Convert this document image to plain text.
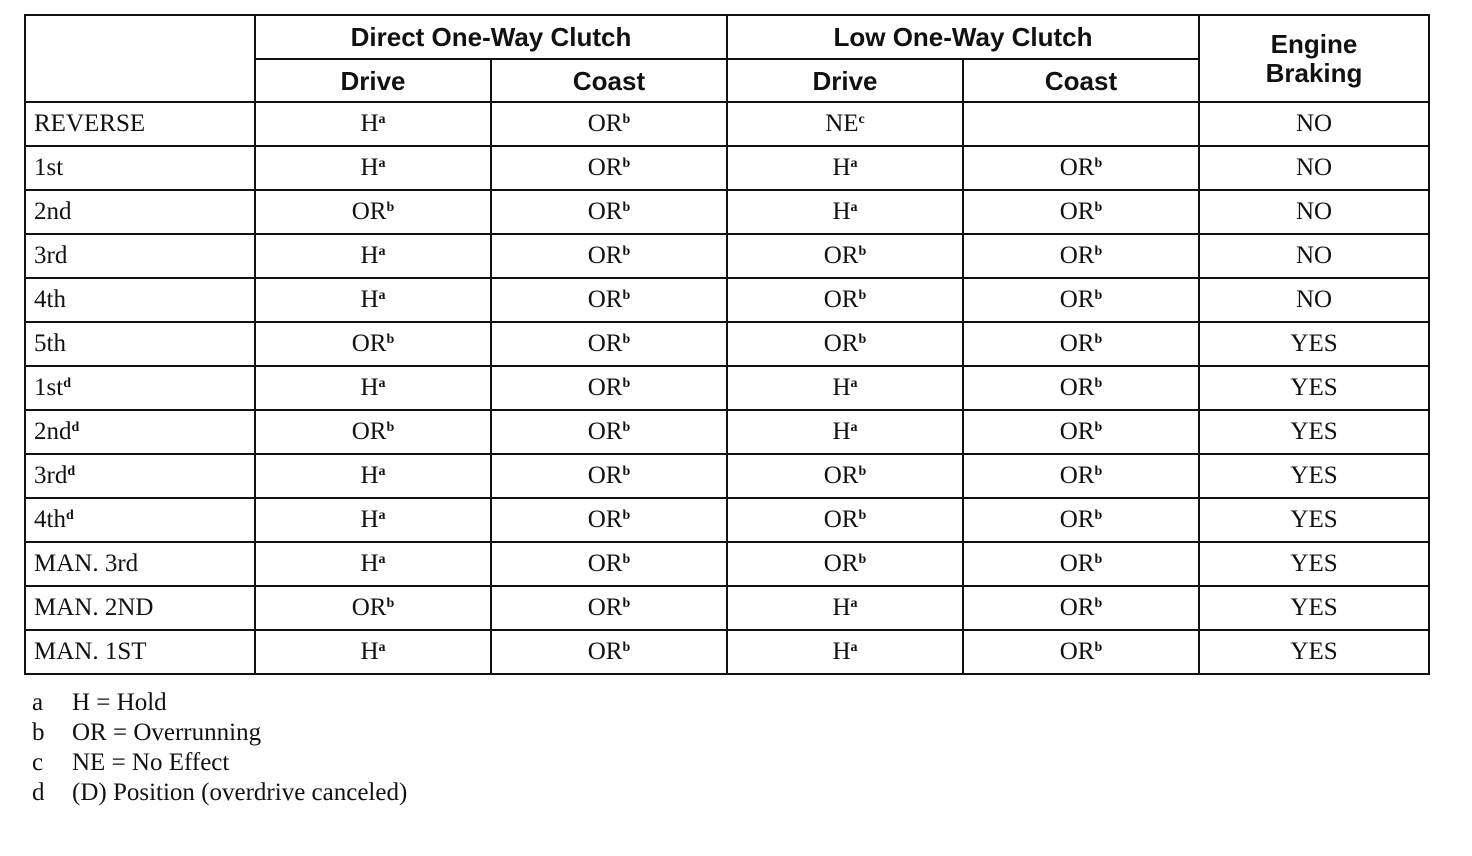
	Direct One-Way Clutch		Low One-Way Clutch		Engine
Braking
	Drive	Coast	Drive	Coast	
REVERSE	$H^a$	$OR^b$	$NE^c$		NO
1st	$H^a$	$OR^b$	$H^a$	$OR^b$	NO
2nd	$OR^b$	$OR^b$	$H^a$	$OR^b$	NO
3rd	$H^a$	$OR^b$	$OR^b$	$OR^b$	NO
4th	$H^a$	$OR^b$	$OR^b$	$OR^b$	NO
5th	$OR^b$	$OR^b$	$OR^b$	$OR^b$	YES
$1st^d$	$H^a$	$OR^b$	$H^a$	$OR^b$	YES
$2nd^d$	$OR^b$	$OR^b$	$H^a$	$OR^b$	YES
$3rd^d$	$H^a$	$OR^b$	$OR^b$	$OR^b$	YES
$4th^d$	$H^a$	$OR^b$	$OR^b$	$OR^b$	YES
MAN. 3rd	$H^a$	$OR^b$	$OR^b$	$OR^b$	YES
MAN. 2ND	$OR^b$	$OR^b$	$H^a$	$OR^b$	YES
MAN. 1ST	$H^a$	$OR^b$	$H^a$	$OR^b$	YES
a	H = Hold
b	OR = Overrunning
c	NE = No Effect
d	(D) Position (overdrive canceled)
